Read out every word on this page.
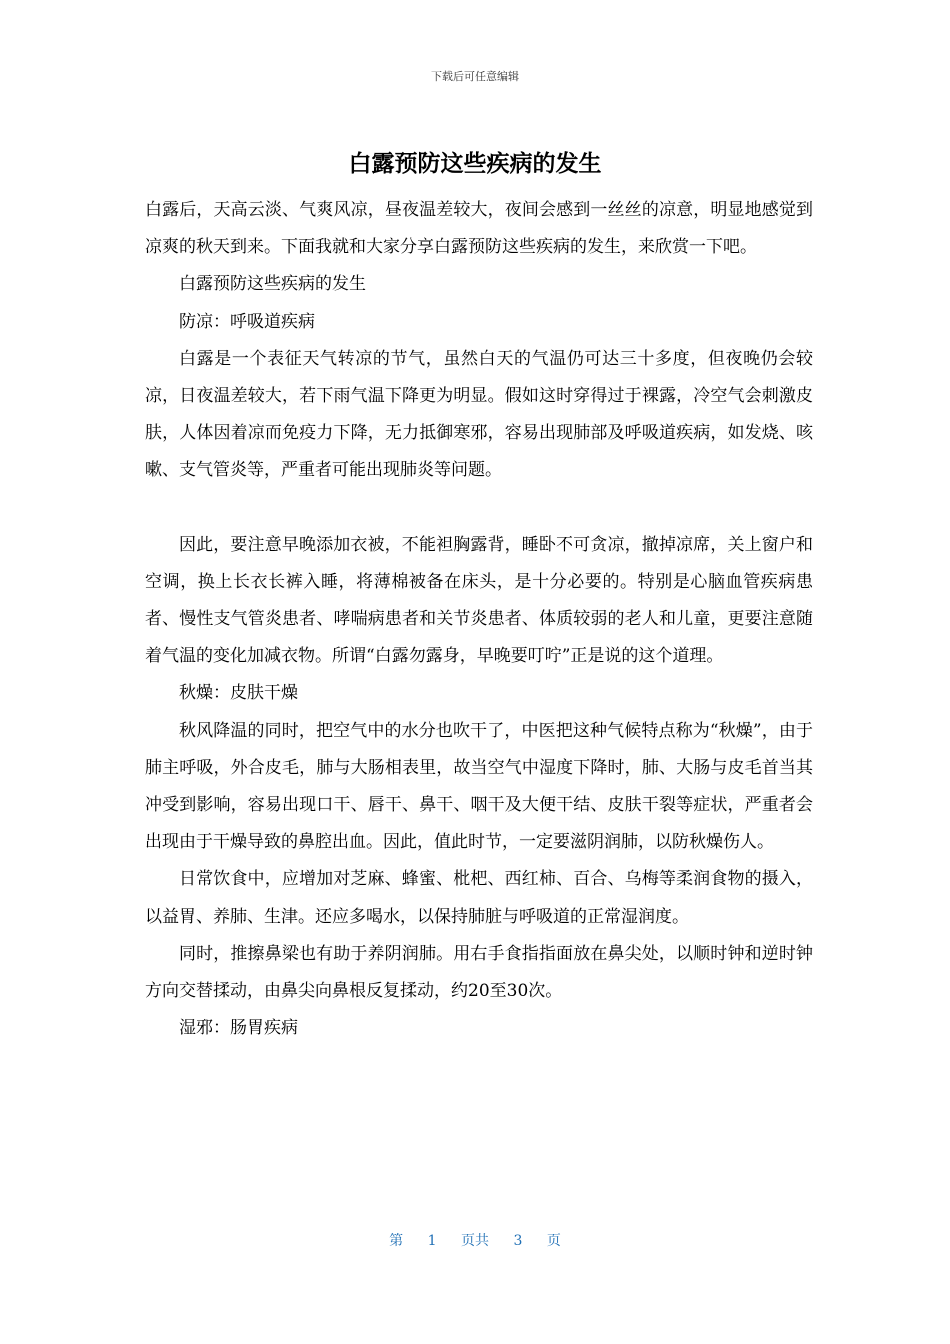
下载后可任意编辑
白露预防这些疾病的发生

白露后，天高云淡、气爽风凉，昼夜温差较大，夜间会感到一丝丝的凉意，明显地感觉到凉爽的秋天到来。下面我就和大家分享白露预防这些疾病的发生，来欣赏一下吧。

白露预防这些疾病的发生

防凉：呼吸道疾病

白露是一个表征天气转凉的节气，虽然白天的气温仍可达三十多度，但夜晚仍会较凉，日夜温差较大，若下雨气温下降更为明显。假如这时穿得过于裸露，冷空气会刺激皮肤，人体因着凉而免疫力下降，无力抵御寒邪，容易出现肺部及呼吸道疾病，如发烧、咳嗽、支气管炎等，严重者可能出现肺炎等问题。

因此，要注意早晚添加衣被，不能袒胸露背，睡卧不可贪凉，撤掉凉席，关上窗户和空调，换上长衣长裤入睡，将薄棉被备在床头，是十分必要的。特别是心脑血管疾病患者、慢性支气管炎患者、哮喘病患者和关节炎患者、体质较弱的老人和儿童，更要注意随着气温的变化加减衣物。所谓“白露勿露身，早晚要叮咛”正是说的这个道理。

秋燥：皮肤干燥

秋风降温的同时，把空气中的水分也吹干了，中医把这种气候特点称为“秋燥”，由于肺主呼吸，外合皮毛，肺与大肠相表里，故当空气中湿度下降时，肺、大肠与皮毛首当其冲受到影响，容易出现口干、唇干、鼻干、咽干及大便干结、皮肤干裂等症状，严重者会出现由于干燥导致的鼻腔出血。因此，值此时节，一定要滋阴润肺，以防秋燥伤人。

日常饮食中，应增加对芝麻、蜂蜜、枇杷、西红柿、百合、乌梅等柔润食物的摄入，以益胃、养肺、生津。还应多喝水，以保持肺脏与呼吸道的正常湿润度。

同时，推擦鼻梁也有助于养阴润肺。用右手食指指面放在鼻尖处，以顺时钟和逆时钟方向交替揉动，由鼻尖向鼻根反复揉动，约20至30次。

湿邪：肠胃疾病

第 1 页共 3 页
